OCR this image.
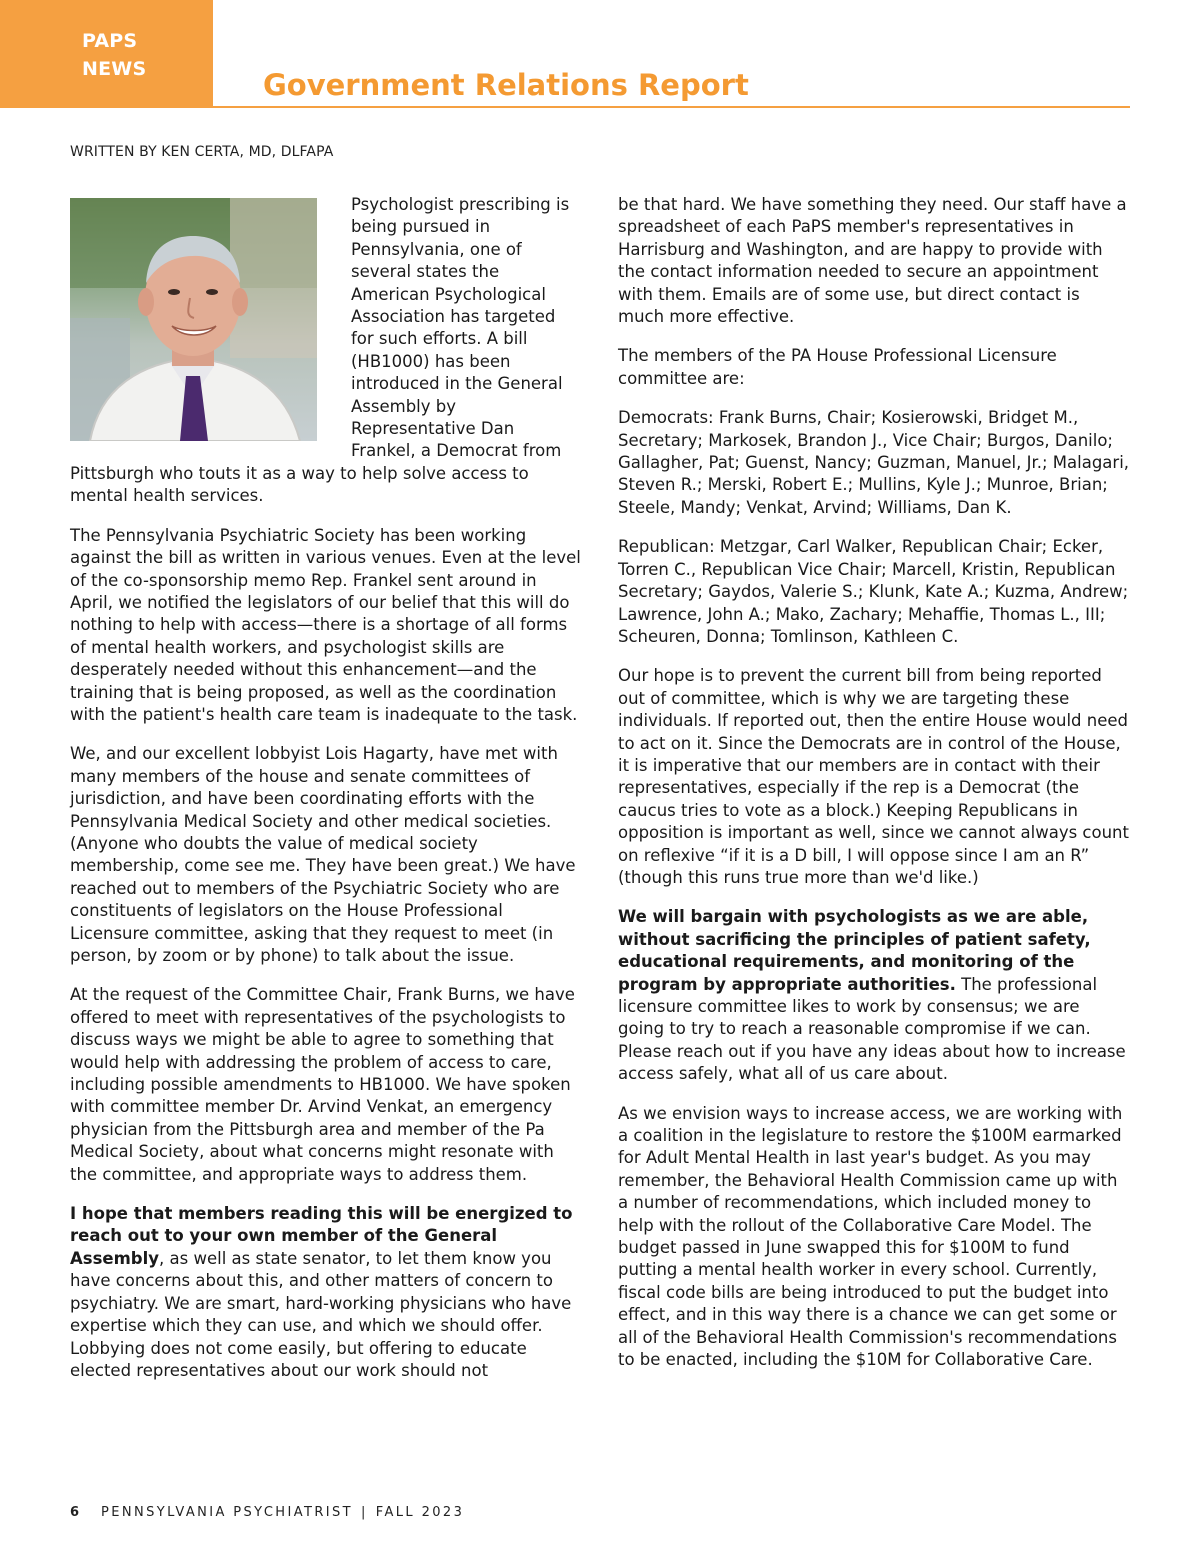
PAPS
NEWS	Government Relations Report
WRITTEN BY KEN CERTA, MD, DLFAPA

Psychologist prescribing is being pursued in Pennsylvania, one of several states the American Psychological Association has targeted for such efforts. A bill (HB1000) has been introduced in the General Assembly by Representative Dan Frankel, a Democrat from Pittsburgh who touts it as a way to help solve access to mental health services.

The Pennsylvania Psychiatric Society has been working against the bill as written in various venues. Even at the level of the co-sponsorship memo Rep. Frankel sent around in April, we notified the legislators of our belief that this will do nothing to help with access—there is a shortage of all forms of mental health workers, and psychologist skills are desperately needed without this enhancement—and the training that is being proposed, as well as the coordination with the patient's health care team is inadequate to the task.

We, and our excellent lobbyist Lois Hagarty, have met with many members of the house and senate committees of jurisdiction, and have been coordinating efforts with the Pennsylvania Medical Society and other medical societies. (Anyone who doubts the value of medical society membership, come see me. They have been great.) We have reached out to members of the Psychiatric Society who are constituents of legislators on the House Professional Licensure committee, asking that they request to meet (in person, by zoom or by phone) to talk about the issue.

At the request of the Committee Chair, Frank Burns, we have offered to meet with representatives of the psychologists to discuss ways we might be able to agree to something that would help with addressing the problem of access to care, including possible amendments to HB1000. We have spoken with committee member Dr. Arvind Venkat, an emergency physician from the Pittsburgh area and member of the Pa Medical Society, about what concerns might resonate with the committee, and appropriate ways to address them.

I hope that members reading this will be energized to reach out to your own member of the General Assembly, as well as state senator, to let them know you have concerns about this, and other matters of concern to psychiatry. We are smart, hard-working physicians who have expertise which they can use, and which we should offer. Lobbying does not come easily, but offering to educate elected representatives about our work should not

be that hard. We have something they need. Our staff have a spreadsheet of each PaPS member's representatives in Harrisburg and Washington, and are happy to provide with the contact information needed to secure an appointment with them. Emails are of some use, but direct contact is much more effective.

The members of the PA House Professional Licensure committee are:

Democrats: Frank Burns, Chair; Kosierowski, Bridget M., Secretary; Markosek, Brandon J., Vice Chair; Burgos, Danilo; Gallagher, Pat; Guenst, Nancy; Guzman, Manuel, Jr.; Malagari, Steven R.; Merski, Robert E.; Mullins, Kyle J.; Munroe, Brian; Steele, Mandy; Venkat, Arvind; Williams, Dan K.

Republican: Metzgar, Carl Walker, Republican Chair; Ecker, Torren C., Republican Vice Chair; Marcell, Kristin, Republican Secretary; Gaydos, Valerie S.; Klunk, Kate A.; Kuzma, Andrew; Lawrence, John A.; Mako, Zachary; Mehaffie, Thomas L., III; Scheuren, Donna; Tomlinson, Kathleen C.

Our hope is to prevent the current bill from being reported out of committee, which is why we are targeting these individuals. If reported out, then the entire House would need to act on it. Since the Democrats are in control of the House, it is imperative that our members are in contact with their representatives, especially if the rep is a Democrat (the caucus tries to vote as a block.) Keeping Republicans in opposition is important as well, since we cannot always count on reflexive “if it is a D bill, I will oppose since I am an R” (though this runs true more than we'd like.)

We will bargain with psychologists as we are able, without sacrificing the principles of patient safety, educational requirements, and monitoring of the program by appropriate authorities. The professional licensure committee likes to work by consensus; we are going to try to reach a reasonable compromise if we can. Please reach out if you have any ideas about how to increase access safely, what all of us care about.

As we envision ways to increase access, we are working with a coalition in the legislature to restore the $100M earmarked for Adult Mental Health in last year's budget. As you may remember, the Behavioral Health Commission came up with a number of recommendations, which included money to help with the rollout of the Collaborative Care Model. The budget passed in June swapped this for $100M to fund putting a mental health worker in every school. Currently, fiscal code bills are being introduced to put the budget into effect, and in this way there is a chance we can get some or all of the Behavioral Health Commission's recommendations to be enacted, including the $10M for Collaborative Care.

6 PENNSYLVANIA PSYCHIATRIST | FALL 2023
